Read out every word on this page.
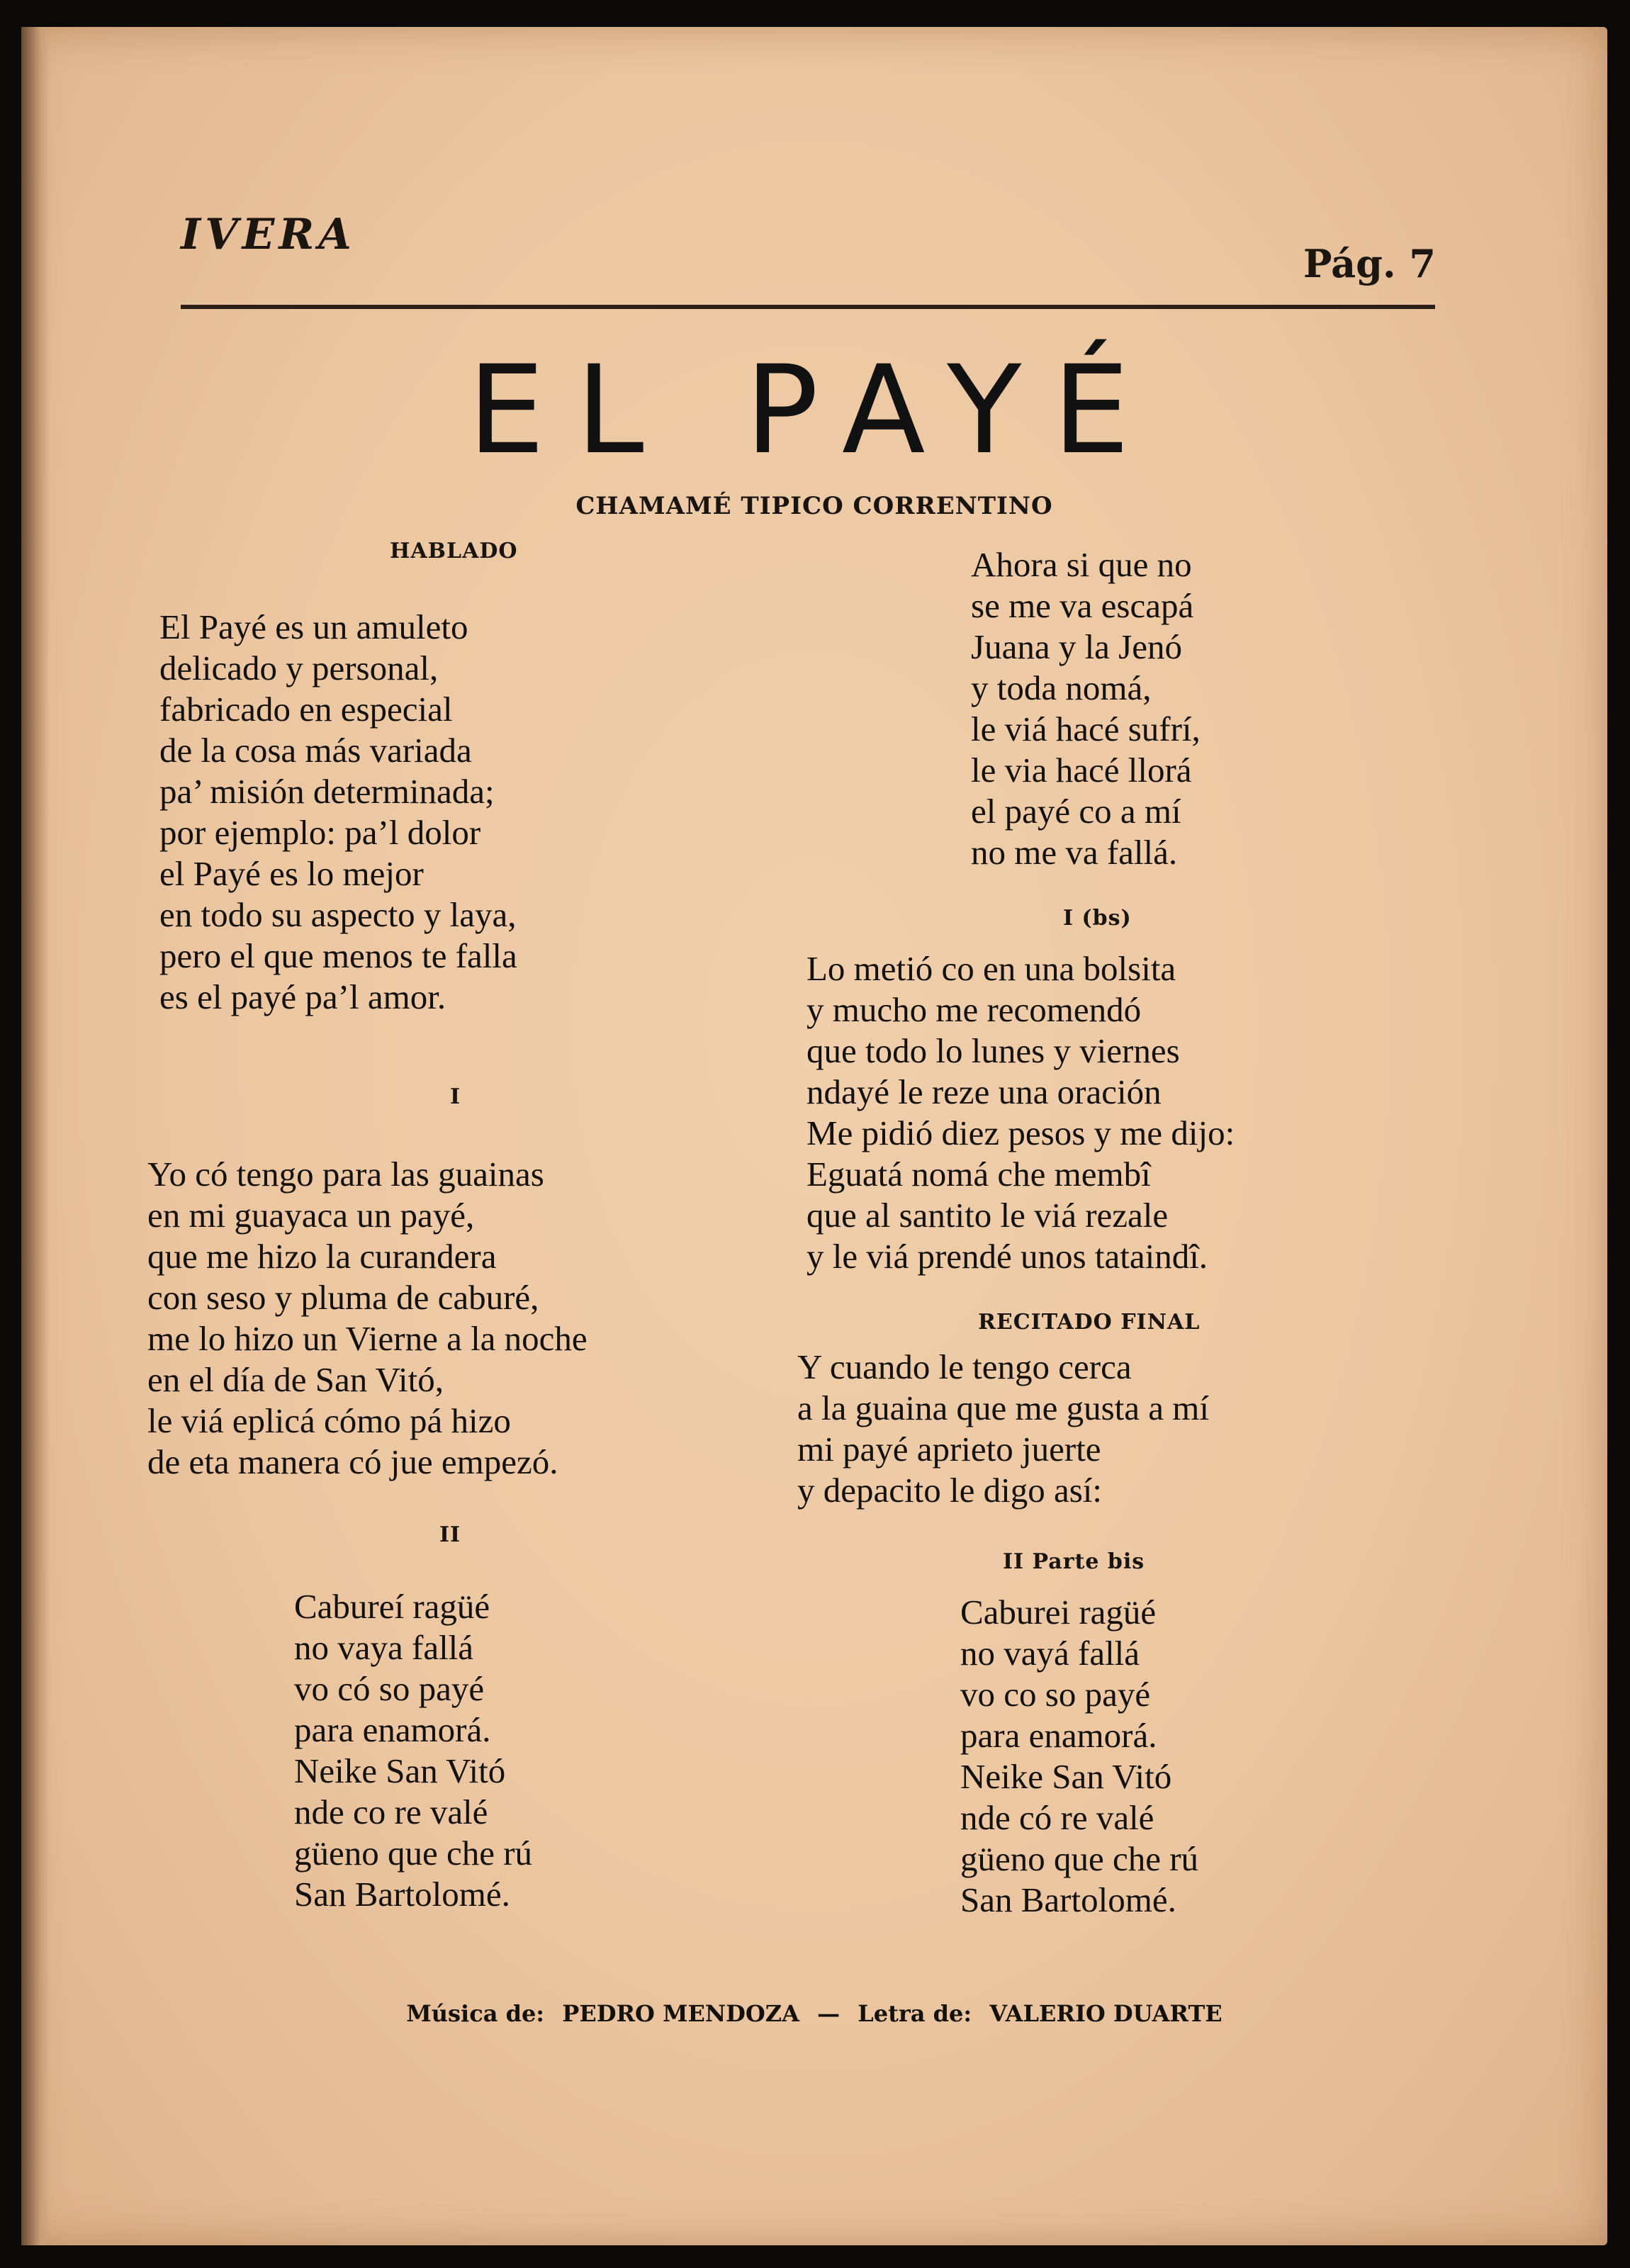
IVERA
Pág. 7
EL PAYÉ
CHAMAMÉ TIPICO CORRENTINO
HABLADO
El Payé es un amuleto
delicado y personal,
fabricado en especial
de la cosa más variada
pa’ misión determinada;
por ejemplo: pa’l dolor
el Payé es lo mejor
en todo su aspecto y laya,
pero el que menos te falla
es el payé pa’l amor.
I
Yo có tengo para las guainas
en mi guayaca un payé,
que me hizo la curandera
con seso y pluma de caburé,
me lo hizo un Vierne a la noche
en el día de San Vitó,
le viá eplicá cómo pá hizo
de eta manera có jue empezó.
II
Cabureí ragüé
no vaya fallá
vo có so payé
para enamorá.
Neike San Vitó
nde co re valé
güeno que che rú
San Bartolomé.
Ahora si que no
se me va escapá
Juana y la Jenó
y toda nomá,
le viá hacé sufrí,
le via hacé llorá
el payé co a mí
no me va fallá.
I (bs)
Lo metió co en una bolsita
y mucho me recomendó
que todo lo lunes y viernes
ndayé le reze una oración
Me pidió diez pesos y me dijo:
Eguatá nomá che membî
que al santito le viá rezale
y le viá prendé unos tataindî.
RECITADO FINAL
Y cuando le tengo cerca
a la guaina que me gusta a mí
mi payé aprieto juerte
y depacito le digo así:
II Parte bis
Caburei ragüé
no vayá fallá
vo co so payé
para enamorá.
Neike San Vitó
nde có re valé
güeno que che rú
San Bartolomé.
Música de: PEDRO MENDOZA — Letra de: VALERIO DUARTE
